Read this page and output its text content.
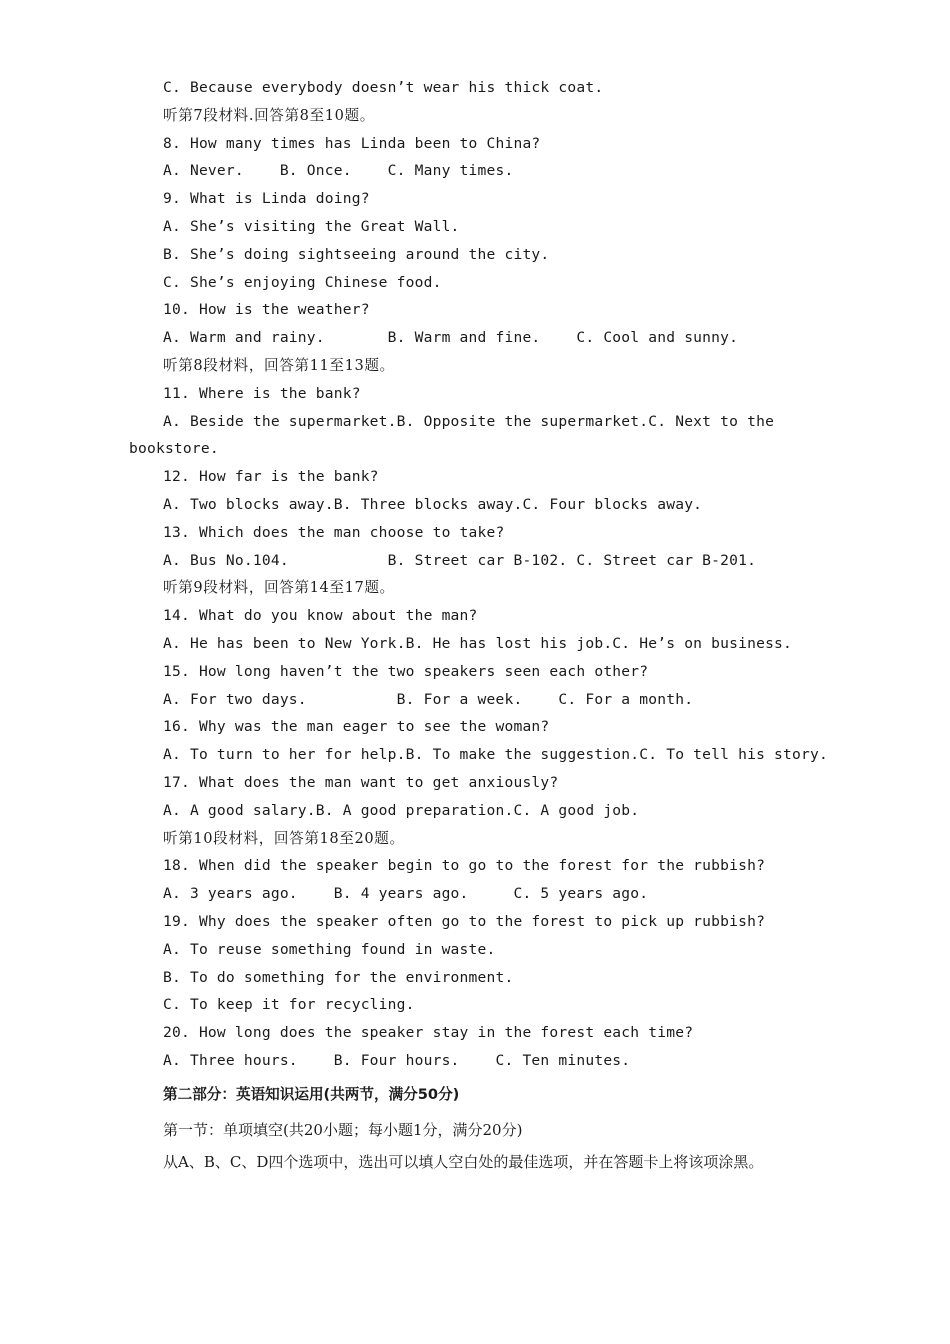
C. Because everybody doesn’t wear his thick coat.
听第7段材料.回答第8至10题。
8. How many times has Linda been to China?
A. Never.    B. Once.    C. Many times.
9. What is Linda doing?
A. She’s visiting the Great Wall.
B. She’s doing sightseeing around the city.
C. She’s enjoying Chinese food.
10. How is the weather?
A. Warm and rainy.       B. Warm and fine.    C. Cool and sunny.
听第8段材料，回答第11至13题。
11. Where is the bank?
A. Beside the supermarket.B. Opposite the supermarket.C. Next to the
bookstore.
12. How far is the bank?
A. Two blocks away.B. Three blocks away.C. Four blocks away.
13. Which does the man choose to take?
A. Bus No.104.           B. Street car B-102. C. Street car B-201.
听第9段材料，回答第14至17题。
14. What do you know about the man?
A. He has been to New York.B. He has lost his job.C. He’s on business.
15. How long haven’t the two speakers seen each other?
A. For two days.          B. For a week.    C. For a month.
16. Why was the man eager to see the woman?
A. To turn to her for help.B. To make the suggestion.C. To tell his story.
17. What does the man want to get anxiously?
A. A good salary.B. A good preparation.C. A good job.
听第10段材料，回答第18至20题。
18. When did the speaker begin to go to the forest for the rubbish?
A. 3 years ago.    B. 4 years ago.     C. 5 years ago.
19. Why does the speaker often go to the forest to pick up rubbish?
A. To reuse something found in waste.
B. To do something for the environment.
C. To keep it for recycling.
20. How long does the speaker stay in the forest each time?
A. Three hours.    B. Four hours.    C. Ten minutes.
第二部分：英语知识运用(共两节，满分50分)
第一节：单项填空(共20小题；每小题1分，满分20分)
从A、B、C、D四个选项中，选出可以填人空白处的最佳选项，并在答题卡上将该项涂黑。
